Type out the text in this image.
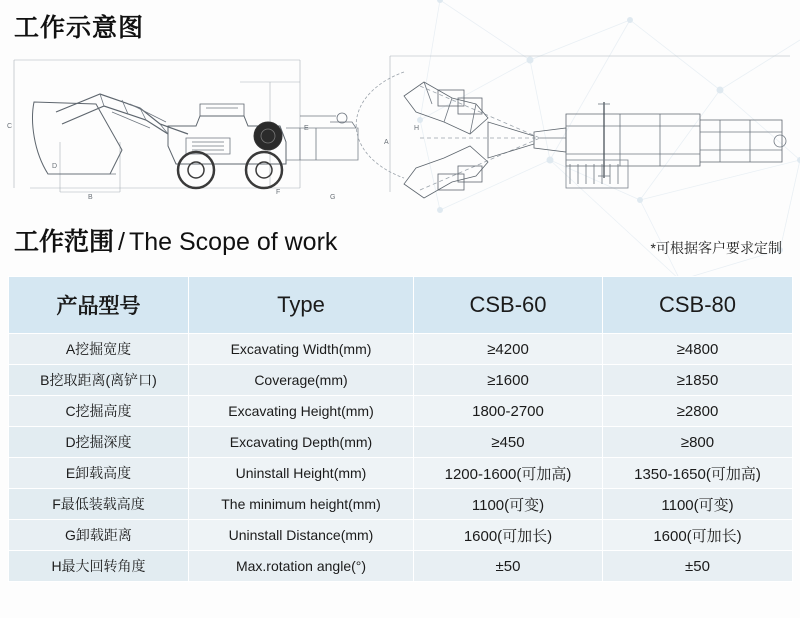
工作示意图
C
D
B
E
F
G
H
A
工作范围 / The Scope of work	*可根据客户要求定制
产品型号	Type	CSB-60	CSB-80
A挖掘宽度	Excavating Width(mm)	≥4200	≥4800
B挖取距离(离铲口)	Coverage(mm)	≥1600	≥1850
C挖掘高度	Excavating Height(mm)	1800-2700	≥2800
D挖掘深度	Excavating Depth(mm)	≥450	≥800
E卸载高度	Uninstall Height(mm)	1200-1600(可加高)	1350-1650(可加高)
F最低装载高度	The minimum height(mm)	1100(可变)	1100(可变)
G卸载距离	Uninstall Distance(mm)	1600(可加长)	1600(可加长)
H最大回转角度	Max.rotation angle(°)	±50	±50
